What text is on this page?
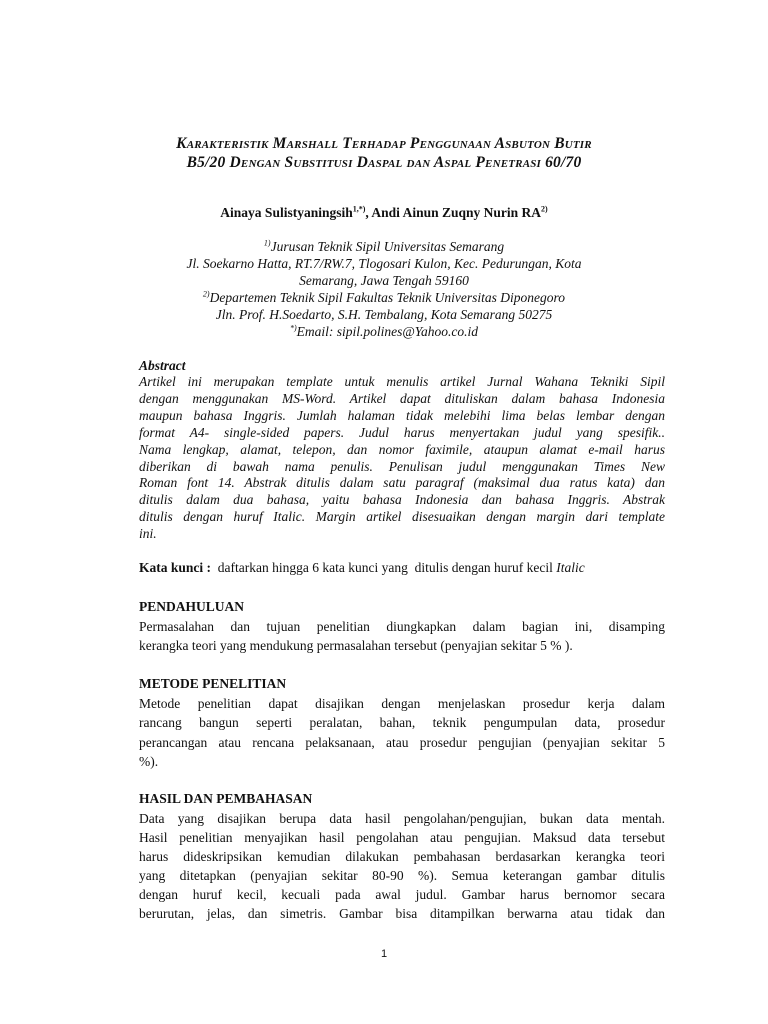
Karakteristik Marshall Terhadap Penggunaan Asbuton Butir
B5/20 Dengan Substitusi Daspal dan Aspal Penetrasi 60/70
Ainaya Sulistyaningsih$^{1,*)}$, Andi Ainun Zuqny Nurin RA$^{2)}$
$^{1)}$Jurusan Teknik Sipil Universitas Semarang
Jl. Soekarno Hatta, RT.7/RW.7, Tlogosari Kulon, Kec. Pedurungan, Kota
Semarang, Jawa Tengah 59160
$^{2)}$Departemen Teknik Sipil Fakultas Teknik Universitas Diponegoro
Jln. Prof. H.Soedarto, S.H. Tembalang, Kota Semarang 50275
*)Email: sipil.polines@Yahoo.co.id
Abstract
Artikel ini merupakan template untuk menulis artikel Jurnal Wahana Tekniki Sipil
dengan menggunakan MS-Word. Artikel dapat dituliskan dalam bahasa Indonesia
maupun bahasa Inggris. Jumlah halaman tidak melebihi lima belas lembar dengan
format A4- single-sided papers. Judul harus menyertakan judul yang spesifik..
Nama lengkap, alamat, telepon, dan nomor faximile, ataupun alamat e-mail harus
diberikan di bawah nama penulis. Penulisan judul menggunakan Times New
Roman font 14. Abstrak ditulis dalam satu paragraf (maksimal dua ratus kata) dan
ditulis dalam dua bahasa, yaitu bahasa Indonesia dan bahasa Inggris. Abstrak
ditulis dengan huruf Italic. Margin artikel disesuaikan dengan margin dari template
ini.
Kata kunci :  daftarkan hingga 6 kata kunci yang  ditulis dengan huruf kecil Italic
PENDAHULUAN
Permasalahan dan tujuan penelitian diungkapkan dalam bagian ini, disamping
kerangka teori yang mendukung permasalahan tersebut (penyajian sekitar 5 % ).
METODE PENELITIAN
Metode penelitian dapat disajikan dengan menjelaskan prosedur kerja dalam
rancang bangun seperti peralatan, bahan, teknik pengumpulan data, prosedur
perancangan atau rencana pelaksanaan, atau prosedur pengujian (penyajian sekitar 5
%).
HASIL DAN PEMBAHASAN
Data yang disajikan berupa data hasil pengolahan/pengujian, bukan data mentah.
Hasil penelitian menyajikan hasil pengolahan atau pengujian. Maksud data tersebut
harus dideskripsikan kemudian dilakukan pembahasan berdasarkan kerangka teori
yang ditetapkan (penyajian sekitar 80-90 %). Semua keterangan gambar ditulis
dengan huruf kecil, kecuali pada awal judul. Gambar harus bernomor secara
berurutan, jelas, dan simetris. Gambar bisa ditampilkan berwarna atau tidak dan
1
